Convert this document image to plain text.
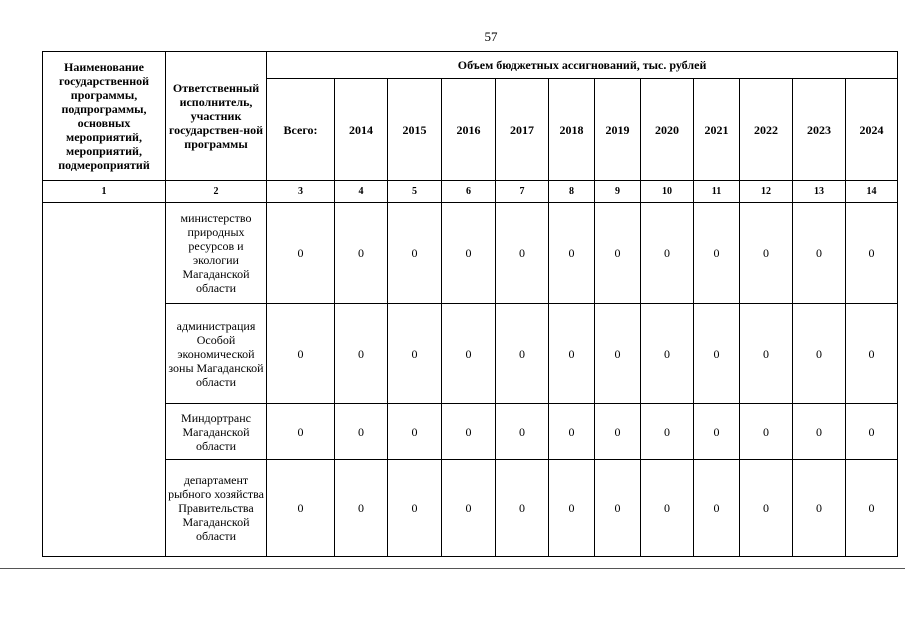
57
Наименование государственной программы, подпрограммы, основных мероприятий, мероприятий, подмероприятий	Ответственный исполнитель, участник государствен-ной программы	Объем бюджетных ассигнований, тыс. рублей											
		Всего:	2014	2015	2016	2017	2018	2019	2020	2021	2022	2023	2024
1	2	3	4	5	6	7	8	9	10	11	12	13	14
	министерство природных ресурсов и экологии Магаданской области	0	0	0	0	0	0	0	0	0	0	0	0
	администрация Особой экономической зоны Магаданской области	0	0	0	0	0	0	0	0	0	0	0	0
	Миндортранс Магаданской области	0	0	0	0	0	0	0	0	0	0	0	0
	департамент рыбного хозяйства Правительства Магаданской области	0	0	0	0	0	0	0	0	0	0	0	0
